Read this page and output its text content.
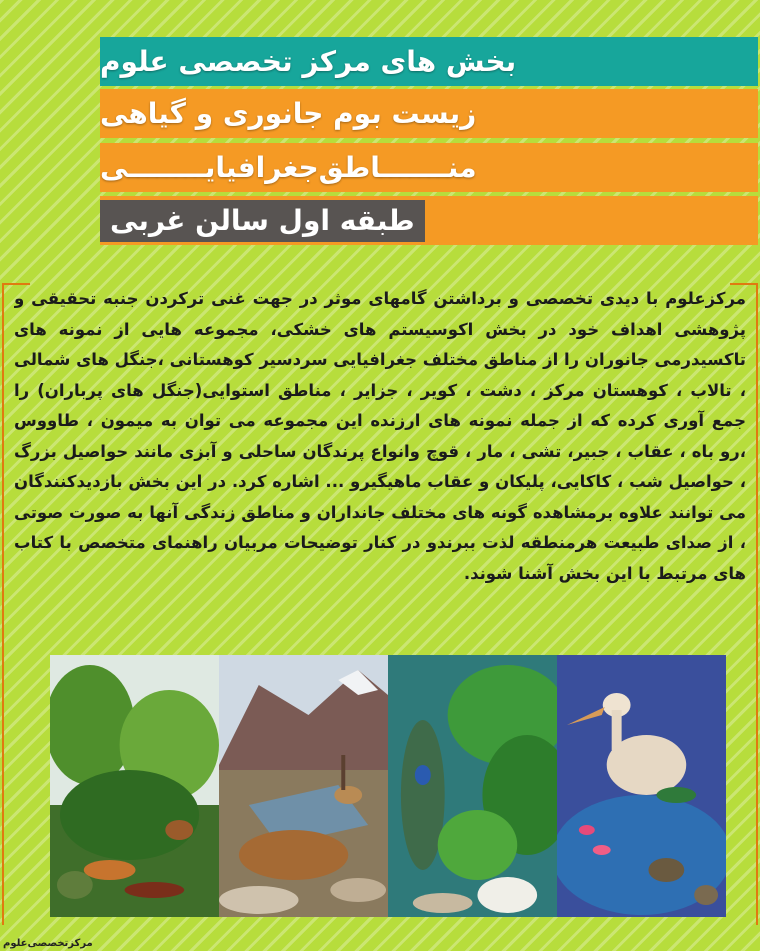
بخش های مرکز تخصصی علوم
زیست بوم جانوری و گیاهی
منـــــــاطق‌جغرافیایــــــــی
طبقه اول سالن غربی
مرکزعلوم با دیدی تخصصی و برداشتن گامهای موثر در جهت غنی ترکردن جنبه تحقیقی و پژوهشی اهداف خود در بخش اکوسیستم های خشکی، مجموعه هایی از نمونه های تاکسیدرمی جانوران را از مناطق مختلف جغرافیایی سردسیر کوهستانی ،جنگل های شمالی ، تالاب ، کوهستان مرکز ، دشت ، کویر ، جزایر ، مناطق استوایی(جنگل های پرباران) را جمع آوری کرده که از جمله نمونه های ارزنده این مجموعه می توان به میمون ، طاووس ،رو باه ، عقاب ، جبیر، تشی ، مار ، قوچ وانواع پرندگان ساحلی و آبزی مانند حواصیل بزرگ ، حواصیل شب ، کاکایی، پلیکان و عقاب ماهیگیرو ... اشاره کرد. در این بخش بازدیدکنندگان می توانند علاوه برمشاهده گونه های مختلف جانداران و مناطق زندگی آنها به صورت صوتی ، از صدای طبیعت هرمنطقه لذت ببرندو در کنار توضیحات مربیان راهنمای متخصص با کتاب های مرتبط با این بخش آشنا شوند.
مرکزتخصصی‌علوم
